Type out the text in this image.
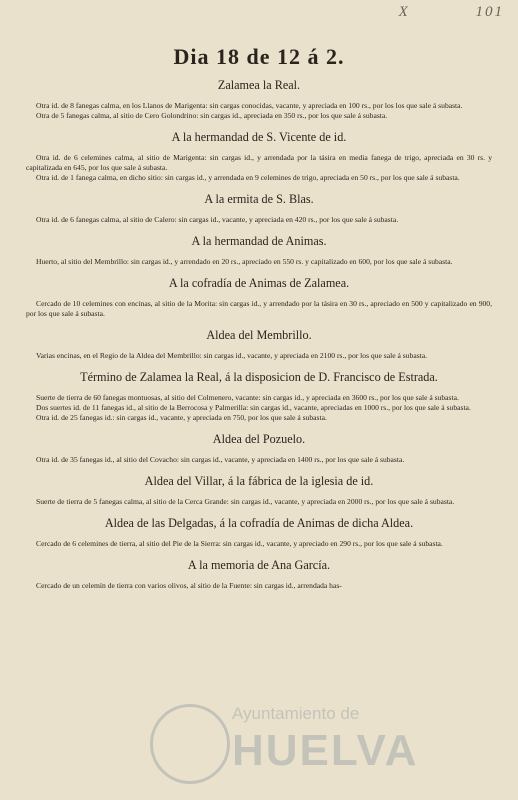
X	101
Dia 18 de 12 á 2.
Zalamea la Real.

Otra id. de 8 fanegas calma, en los Llanos de Marigenta: sin cargas conocidas, vacante, y apreciada en 100 rs., por los los que sale á subasta.

Otra de 5 fanegas calma, al sitio de Cero Golondrino: sin cargas id., apreciada en 350 rs., por los que sale á subasta.

A la hermandad de S. Vicente de id.

Otra id. de 6 celemines calma, al sitio de Marigenta: sin cargas id., y arrendada por la tásira en media fanega de trigo, apreciada en 30 rs. y capitalizada en 645, por los que sale á subasta.

Otra id. de 1 fanega calma, en dicho sitio: sin cargas id., y arrendada en 9 celemines de trigo, apreciada en 50 rs., por los que sale á subasta.

A la ermita de S. Blas.

Otra id. de 6 fanegas calma, al sitio de Calero: sin cargas id., vacante, y apreciada en 420 rs., por los que sale á subasta.

A la hermandad de Animas.

Huerto, al sitio del Membrillo: sin cargas id., y arrendado en 20 rs., apreciado en 550 rs. y capitalizado en 600, por los que sale á subasta.

A la cofradía de Animas de Zalamea.

Cercado de 10 celemines con encinas, al sitio de la Morita: sin cargas id., y arrendado por la tásira en 30 rs., apreciado en 500 y capitalizado en 900, por los que sale á subasta.

Aldea del Membrillo.

Varias encinas, en el Regio de la Aldea del Membrillo: sin cargas id., vacante, y apreciada en 2100 rs., por los que sale á subasta.

Término de Zalamea la Real, á la disposicion de D. Francisco de Estrada.

Suerte de tierra de 60 fanegas montuosas, al sitio del Colmenero, vacante: sin cargas id., y apreciada en 3600 rs., por los que sale á subasta.

Dos suertes id. de 11 fanegas id., al sitio de la Berrocosa y Palmerilla: sin cargas id., vacante, apreciadas en 1000 rs., por los que sale á subasta.

Otra id. de 25 fanegas id.: sin cargas id., vacante, y apreciada en 750, por los que sale á subasta.

Aldea del Pozuelo.

Otra id. de 35 fanegas id., al sitio del Covacho: sin cargas id., vacante, y apreciada en 1400 rs., por los que sale á subasta.

Aldea del Villar, á la fábrica de la iglesia de id.

Suerte de tierra de 5 fanegas calma, al sitio de la Cerca Grande: sin cargas id., vacante, y apreciada en 2000 rs., por los que sale á subasta.

Aldea de las Delgadas, á la cofradía de Animas de dicha Aldea.

Cercado de 6 celemines de tierra, al sitio del Pie de la Sierra: sin cargas id., vacante, y apreciado en 290 rs., por los que sale á subasta.

A la memoria de Ana García.

Cercado de un celemín de tierra con varios olivos, al sitio de la Fuente: sin cargas id., arrendada has-

Ayuntamiento de
HUELVA
